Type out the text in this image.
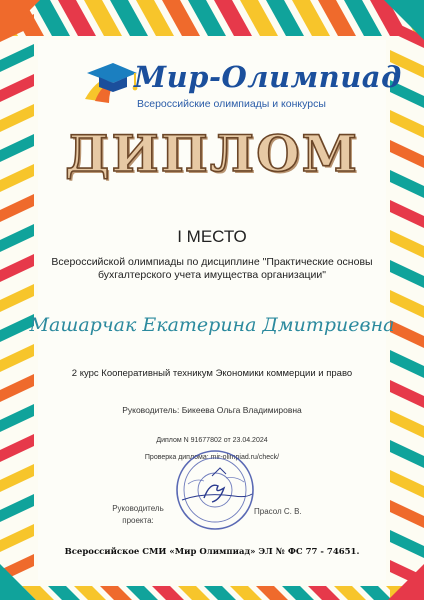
Мир-Олимпиад
Всероссийские олимпиады и конкурсы
ДИПЛОМ
I МЕСТО
Всероссийской олимпиады по дисциплине "Практические основы
бухгалтерского учета имущества организации"
Машарчак Екатерина Дмитриевна
2 курс Кооперативный техникум Экономики коммерции и право
Руководитель: Бикеева Ольга Владимировна
Диплом N 91677802 от 23.04.2024
Проверка диплома: mir-olimpiad.ru/check/
Руководитель
проекта:
Прасол С. В.
Всероссийское СМИ «Мир Олимпиад» ЭЛ № ФС 77 - 74651.
